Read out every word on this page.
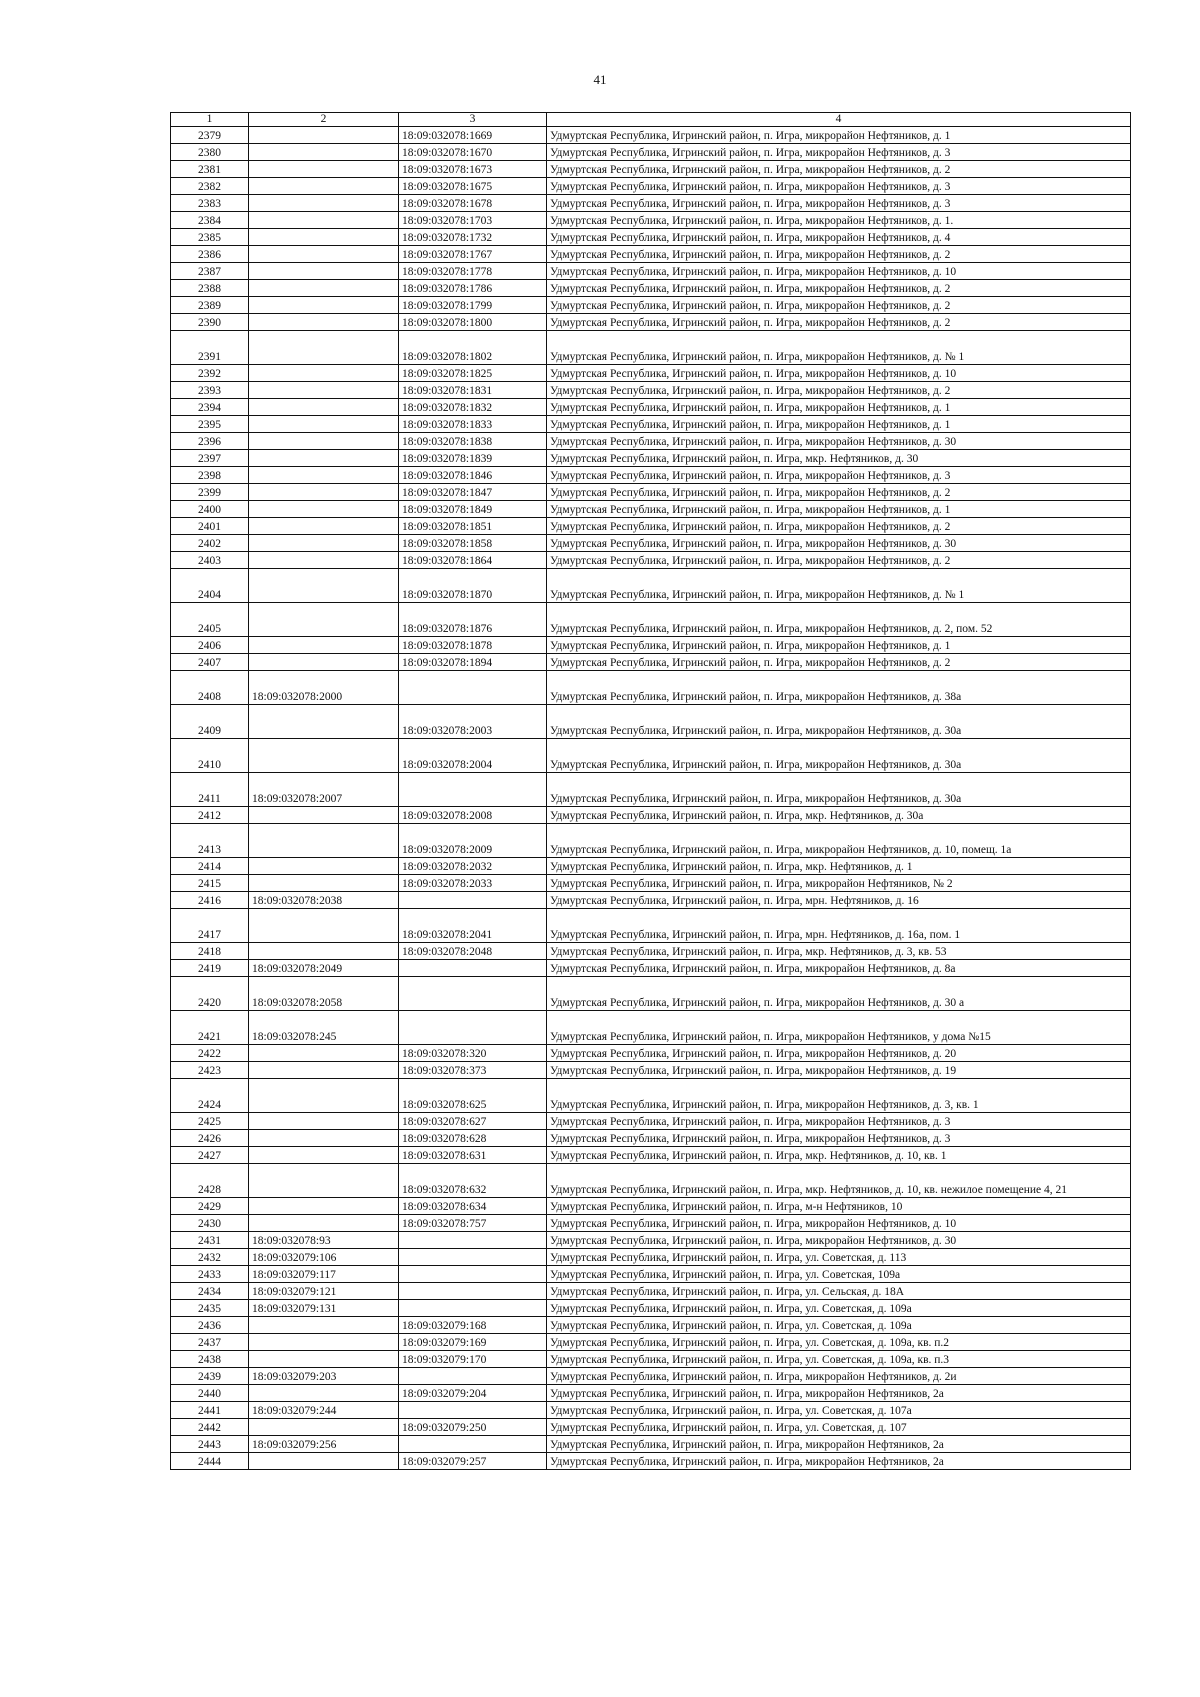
41
1	2	3	4
2379		18:09:032078:1669	Удмуртская Республика, Игринский район, п. Игра, микрорайон Нефтяников, д. 1
2380		18:09:032078:1670	Удмуртская Республика, Игринский район, п. Игра, микрорайон Нефтяников, д. 3
2381		18:09:032078:1673	Удмуртская Республика, Игринский район, п. Игра, микрорайон Нефтяников, д. 2
2382		18:09:032078:1675	Удмуртская Республика, Игринский район, п. Игра, микрорайон Нефтяников, д. 3
2383		18:09:032078:1678	Удмуртская Республика, Игринский район, п. Игра, микрорайон Нефтяников, д. 3
2384		18:09:032078:1703	Удмуртская Республика, Игринский район, п. Игра, микрорайон Нефтяников, д. 1.
2385		18:09:032078:1732	Удмуртская Республика, Игринский район, п. Игра, микрорайон Нефтяников, д. 4
2386		18:09:032078:1767	Удмуртская Республика, Игринский район, п. Игра, микрорайон Нефтяников, д. 2
2387		18:09:032078:1778	Удмуртская Республика, Игринский район, п. Игра, микрорайон Нефтяников, д. 10
2388		18:09:032078:1786	Удмуртская Республика, Игринский район, п. Игра, микрорайон Нефтяников, д. 2
2389		18:09:032078:1799	Удмуртская Республика, Игринский район, п. Игра, микрорайон Нефтяников, д. 2
2390		18:09:032078:1800	Удмуртская Республика, Игринский район, п. Игра, микрорайон Нефтяников, д. 2
2391		18:09:032078:1802	Удмуртская Республика, Игринский район, п. Игра, микрорайон Нефтяников, д. № 1
2392		18:09:032078:1825	Удмуртская Республика, Игринский район, п. Игра, микрорайон Нефтяников, д. 10
2393		18:09:032078:1831	Удмуртская Республика, Игринский район, п. Игра, микрорайон Нефтяников, д. 2
2394		18:09:032078:1832	Удмуртская Республика, Игринский район, п. Игра, микрорайон Нефтяников, д. 1
2395		18:09:032078:1833	Удмуртская Республика, Игринский район, п. Игра, микрорайон Нефтяников, д. 1
2396		18:09:032078:1838	Удмуртская Республика, Игринский район, п. Игра, микрорайон Нефтяников, д. 30
2397		18:09:032078:1839	Удмуртская Республика, Игринский район, п. Игра, мкр. Нефтяников, д. 30
2398		18:09:032078:1846	Удмуртская Республика, Игринский район, п. Игра, микрорайон Нефтяников, д. 3
2399		18:09:032078:1847	Удмуртская Республика, Игринский район, п. Игра, микрорайон Нефтяников, д. 2
2400		18:09:032078:1849	Удмуртская Республика, Игринский район, п. Игра, микрорайон Нефтяников, д. 1
2401		18:09:032078:1851	Удмуртская Республика, Игринский район, п. Игра, микрорайон Нефтяников, д. 2
2402		18:09:032078:1858	Удмуртская Республика, Игринский район, п. Игра, микрорайон Нефтяников, д. 30
2403		18:09:032078:1864	Удмуртская Республика, Игринский район, п. Игра, микрорайон Нефтяников, д. 2
2404		18:09:032078:1870	Удмуртская Республика, Игринский район, п. Игра, микрорайон Нефтяников, д. № 1
2405		18:09:032078:1876	Удмуртская Республика, Игринский район, п. Игра, микрорайон Нефтяников, д. 2, пом. 52
2406		18:09:032078:1878	Удмуртская Республика, Игринский район, п. Игра, микрорайон Нефтяников, д. 1
2407		18:09:032078:1894	Удмуртская Республика, Игринский район, п. Игра, микрорайон Нефтяников, д. 2
2408	18:09:032078:2000		Удмуртская Республика, Игринский район, п. Игра, микрорайон Нефтяников, д. 38а
2409		18:09:032078:2003	Удмуртская Республика, Игринский район, п. Игра, микрорайон Нефтяников, д. 30а
2410		18:09:032078:2004	Удмуртская Республика, Игринский район, п. Игра, микрорайон Нефтяников, д. 30а
2411	18:09:032078:2007		Удмуртская Республика, Игринский район, п. Игра, микрорайон Нефтяников, д. 30а
2412		18:09:032078:2008	Удмуртская Республика, Игринский район, п. Игра, мкр. Нефтяников, д. 30а
2413		18:09:032078:2009	Удмуртская Республика, Игринский район, п. Игра, микрорайон Нефтяников, д. 10, помещ. 1а
2414		18:09:032078:2032	Удмуртская Республика, Игринский район, п. Игра, мкр. Нефтяников, д. 1
2415		18:09:032078:2033	Удмуртская Республика, Игринский район, п. Игра, микрорайон Нефтяников, № 2
2416	18:09:032078:2038		Удмуртская Республика, Игринский район, п. Игра, мрн. Нефтяников, д. 16
2417		18:09:032078:2041	Удмуртская Республика, Игринский район, п. Игра, мрн. Нефтяников, д. 16а, пом. 1
2418		18:09:032078:2048	Удмуртская Республика, Игринский район, п. Игра, мкр. Нефтяников, д. 3, кв. 53
2419	18:09:032078:2049		Удмуртская Республика, Игринский район, п. Игра, микрорайон Нефтяников, д. 8а
2420	18:09:032078:2058		Удмуртская Республика, Игринский район, п. Игра, микрорайон Нефтяников, д. 30 а
2421	18:09:032078:245		Удмуртская Республика, Игринский район, п. Игра, микрорайон Нефтяников, у дома №15
2422		18:09:032078:320	Удмуртская Республика, Игринский район, п. Игра, микрорайон Нефтяников, д. 20
2423		18:09:032078:373	Удмуртская Республика, Игринский район, п. Игра, микрорайон Нефтяников, д. 19
2424		18:09:032078:625	Удмуртская Республика, Игринский район, п. Игра, микрорайон Нефтяников, д. 3, кв. 1
2425		18:09:032078:627	Удмуртская Республика, Игринский район, п. Игра, микрорайон Нефтяников, д. 3
2426		18:09:032078:628	Удмуртская Республика, Игринский район, п. Игра, микрорайон Нефтяников, д. 3
2427		18:09:032078:631	Удмуртская Республика, Игринский район, п. Игра, мкр. Нефтяников, д. 10, кв. 1
2428		18:09:032078:632	Удмуртская Республика, Игринский район, п. Игра, мкр. Нефтяников, д. 10, кв. нежилое помещение 4, 21
2429		18:09:032078:634	Удмуртская Республика, Игринский район, п. Игра, м-н Нефтяников, 10
2430		18:09:032078:757	Удмуртская Республика, Игринский район, п. Игра, микрорайон Нефтяников, д. 10
2431	18:09:032078:93		Удмуртская Республика, Игринский район, п. Игра, микрорайон Нефтяников, д. 30
2432	18:09:032079:106		Удмуртская Республика, Игринский район, п. Игра, ул. Советская, д. 113
2433	18:09:032079:117		Удмуртская Республика, Игринский район, п. Игра, ул. Советская, 109а
2434	18:09:032079:121		Удмуртская Республика, Игринский район, п. Игра, ул. Сельская, д. 18А
2435	18:09:032079:131		Удмуртская Республика, Игринский район, п. Игра, ул. Советская, д. 109а
2436		18:09:032079:168	Удмуртская Республика, Игринский район, п. Игра, ул. Советская, д. 109а
2437		18:09:032079:169	Удмуртская Республика, Игринский район, п. Игра, ул. Советская, д. 109а, кв. п.2
2438		18:09:032079:170	Удмуртская Республика, Игринский район, п. Игра, ул. Советская, д. 109а, кв. п.3
2439	18:09:032079:203		Удмуртская Республика, Игринский район, п. Игра, микрорайон Нефтяников, д. 2и
2440		18:09:032079:204	Удмуртская Республика, Игринский район, п. Игра, микрорайон Нефтяников, 2а
2441	18:09:032079:244		Удмуртская Республика, Игринский район, п. Игра, ул. Советская, д. 107а
2442		18:09:032079:250	Удмуртская Республика, Игринский район, п. Игра, ул. Советская, д. 107
2443	18:09:032079:256		Удмуртская Республика, Игринский район, п. Игра, микрорайон Нефтяников, 2а
2444		18:09:032079:257	Удмуртская Республика, Игринский район, п. Игра, микрорайон Нефтяников, 2а
